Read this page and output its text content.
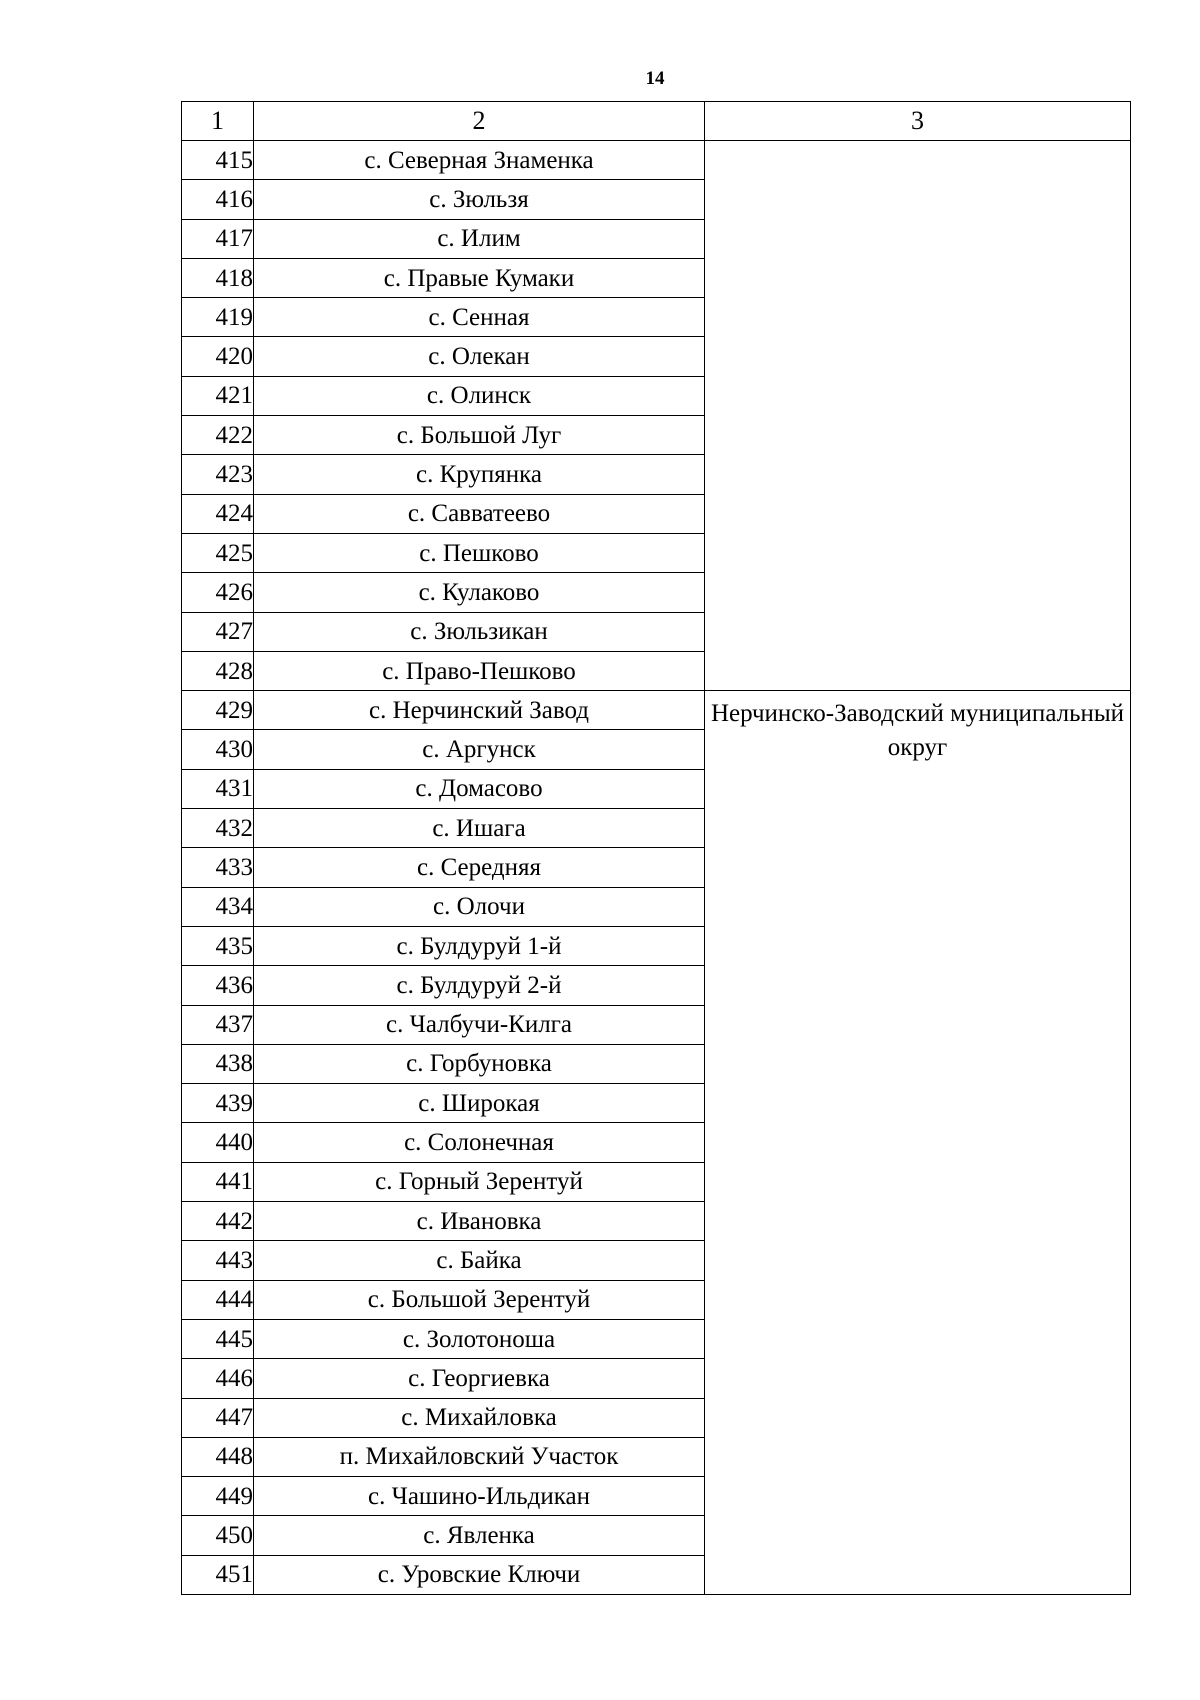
14
1	2	3
415	с. Северная Знаменка	

416	с. Зюльзя	
417	с. Илим	
418	с. Правые Кумаки	
419	с. Сенная	
420	с. Олекан	
421	с. Олинск	
422	с. Большой Луг	
423	с. Крупянка	
424	с. Савватеево	
425	с. Пешково	
426	с. Кулаково	
427	с. Зюльзикан	
428	с. Право-Пешково	
429	с. Нерчинский Завод	Нерчинско-Заводский муниципальный округ

430	с. Аргунск	
431	с. Домасово	
432	с. Ишага	
433	с. Середняя	
434	с. Олочи	
435	с. Булдуруй 1-й	
436	с. Булдуруй 2-й	
437	с. Чалбучи-Килга	
438	с. Горбуновка	
439	с. Широкая	
440	с. Солонечная	
441	с. Горный Зерентуй	
442	с. Ивановка	
443	с. Байка	
444	с. Большой Зерентуй	
445	с. Золотоноша	
446	с. Георгиевка	
447	с. Михайловка	
448	п. Михайловский Участок	
449	с. Чашино-Ильдикан	
450	с. Явленка	
451	с. Уровские Ключи	
